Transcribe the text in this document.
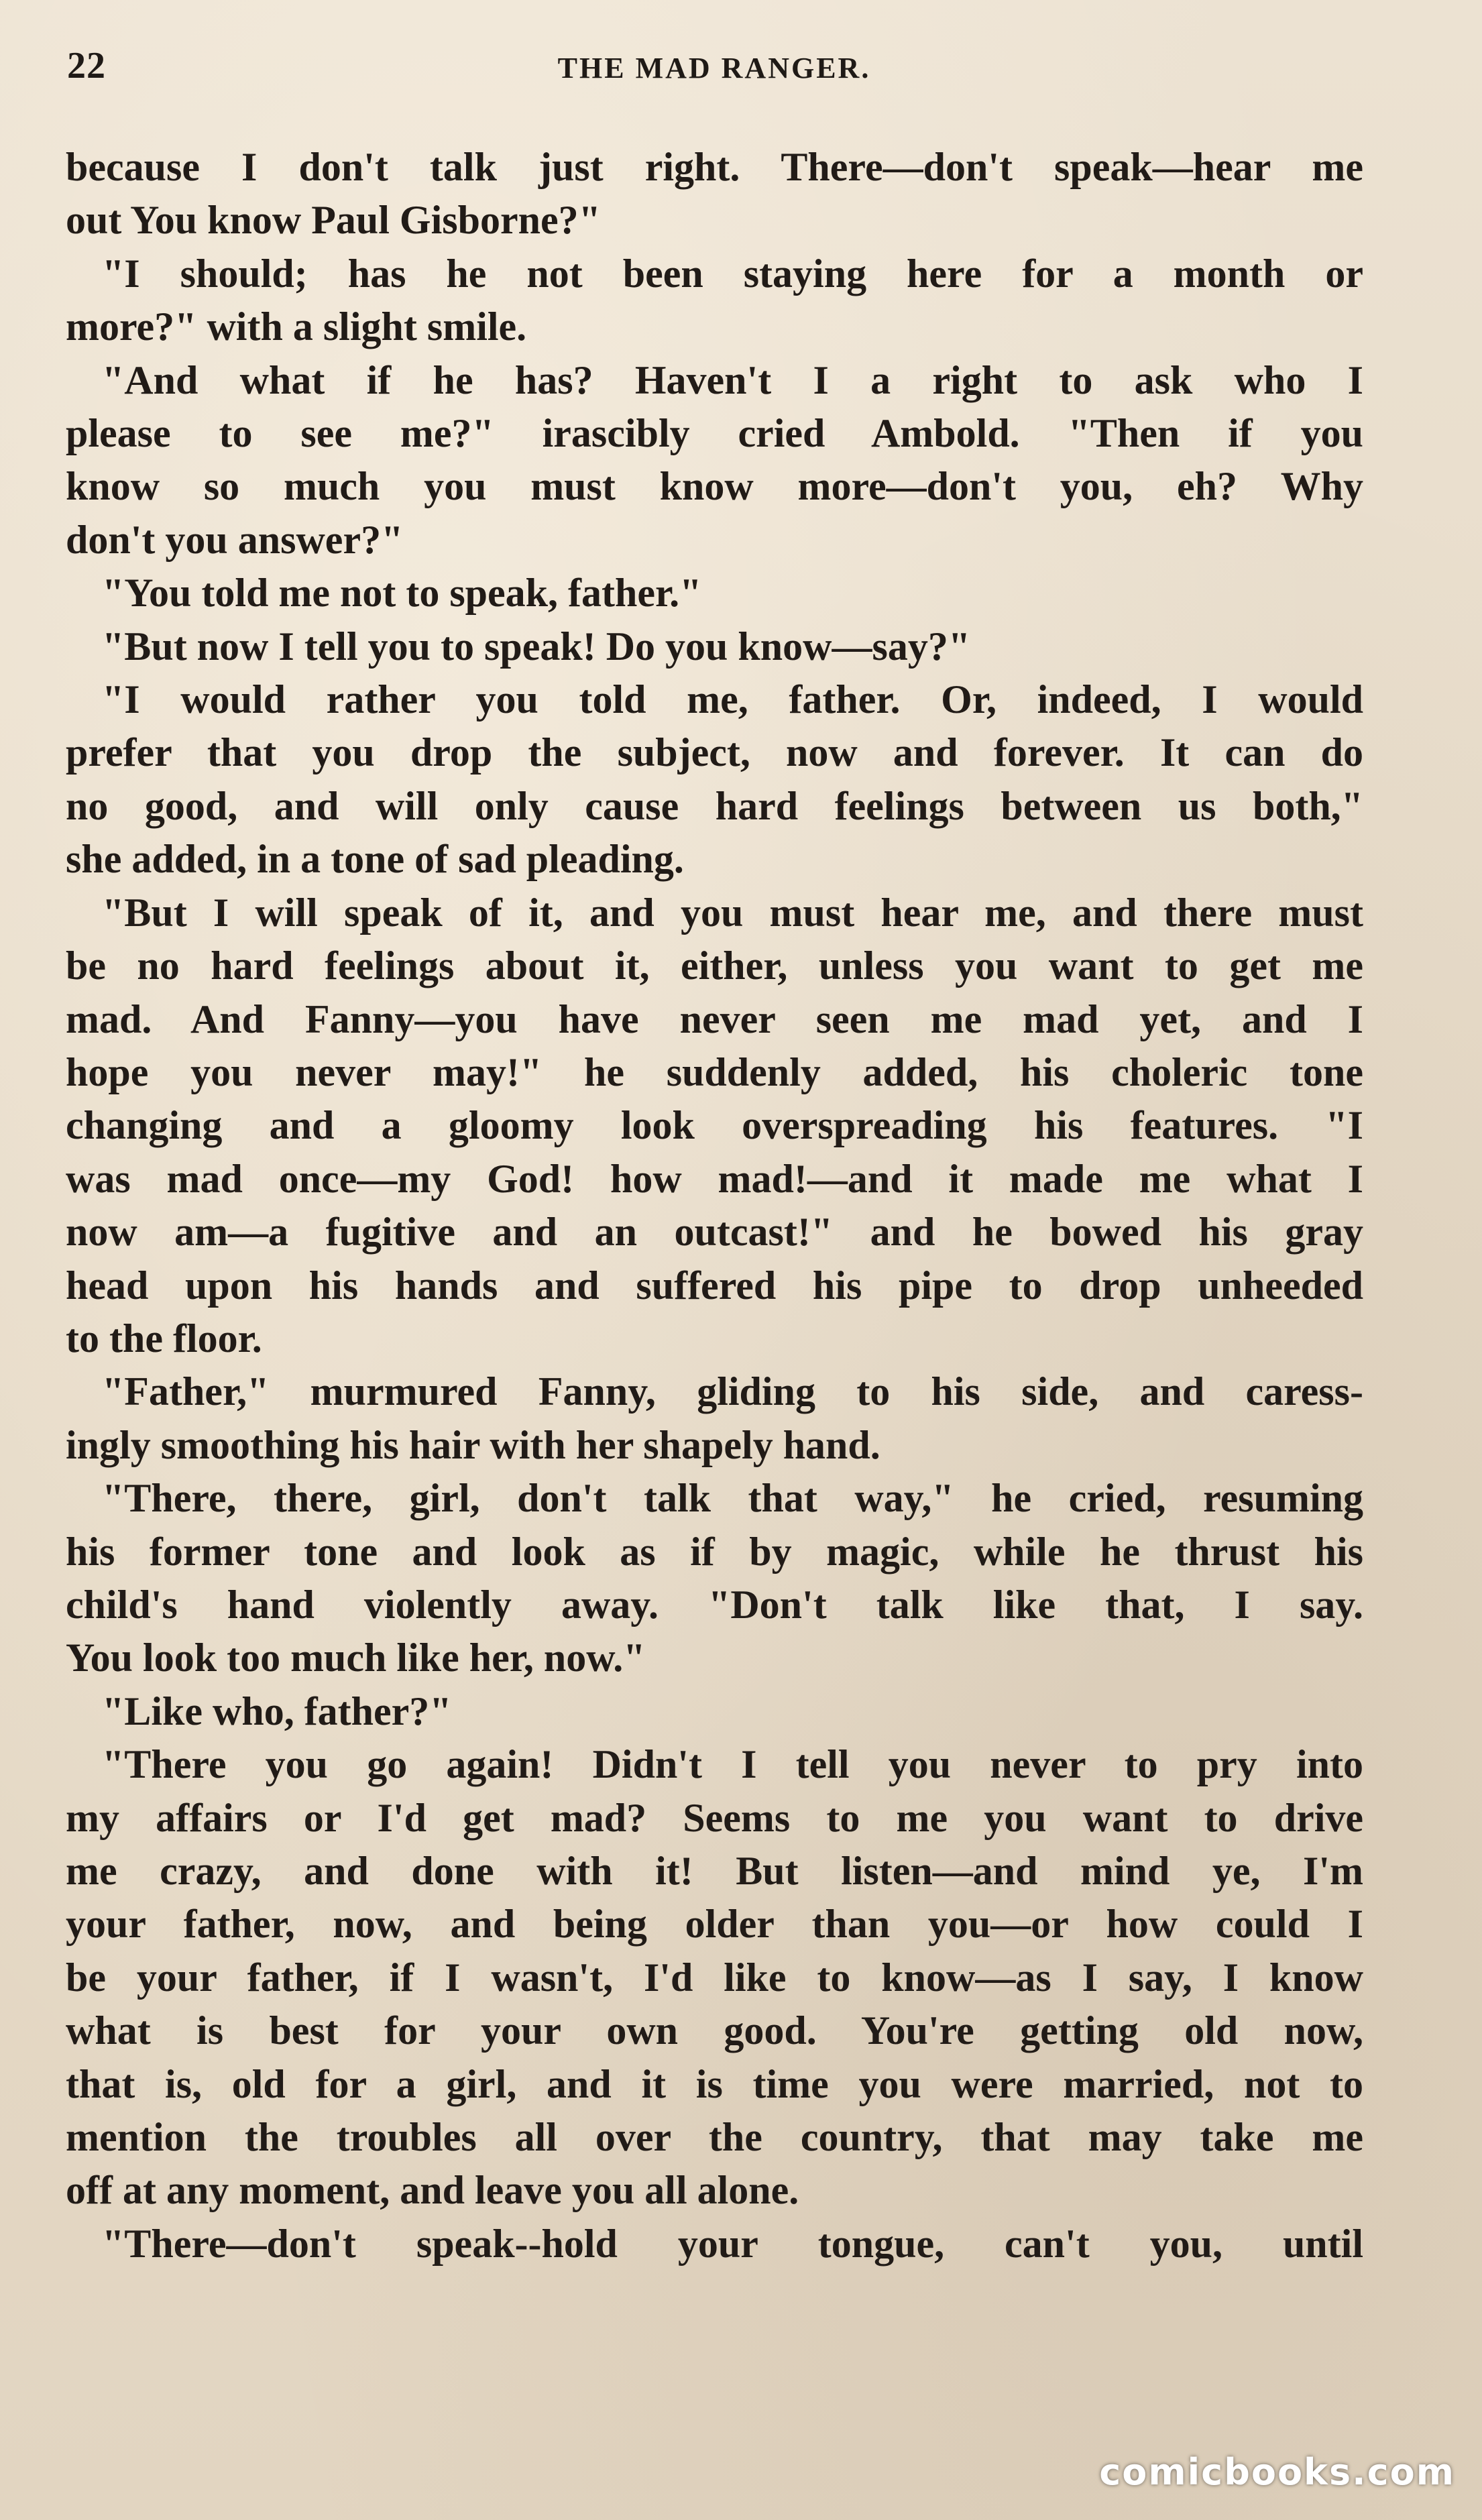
22	THE MAD RANGER.
because I don't talk just right. There—don't speak—hear me
out You know Paul Gisborne?"
"I should; has he not been staying here for a month or
more?" with a slight smile.
"And what if he has? Haven't I a right to ask who I
please to see me?" irascibly cried Ambold. "Then if you
know so much you must know more—don't you, eh? Why
don't you answer?"
"You told me not to speak, father."
"But now I tell you to speak! Do you know—say?"
"I would rather you told me, father. Or, indeed, I would
prefer that you drop the subject, now and forever. It can do
no good, and will only cause hard feelings between us both,"
she added, in a tone of sad pleading.
"But I will speak of it, and you must hear me, and there must
be no hard feelings about it, either, unless you want to get me
mad. And Fanny—you have never seen me mad yet, and I
hope you never may!" he suddenly added, his choleric tone
changing and a gloomy look overspreading his features. "I
was mad once—my God! how mad!—and it made me what I
now am—a fugitive and an outcast!" and he bowed his gray
head upon his hands and suffered his pipe to drop unheeded
to the floor.
"Father," murmured Fanny, gliding to his side, and caress-
ingly smoothing his hair with her shapely hand.
"There, there, girl, don't talk that way," he cried, resuming
his former tone and look as if by magic, while he thrust his
child's hand violently away. "Don't talk like that, I say.
You look too much like her, now."
"Like who, father?"
"There you go again! Didn't I tell you never to pry into
my affairs or I'd get mad? Seems to me you want to drive
me crazy, and done with it! But listen—and mind ye, I'm
your father, now, and being older than you—or how could I
be your father, if I wasn't, I'd like to know—as I say, I know
what is best for your own good. You're getting old now,
that is, old for a girl, and it is time you were married, not to
mention the troubles all over the country, that may take me
off at any moment, and leave you all alone.
"There—don't speak--hold your tongue, can't you, until
comicbooks.com
